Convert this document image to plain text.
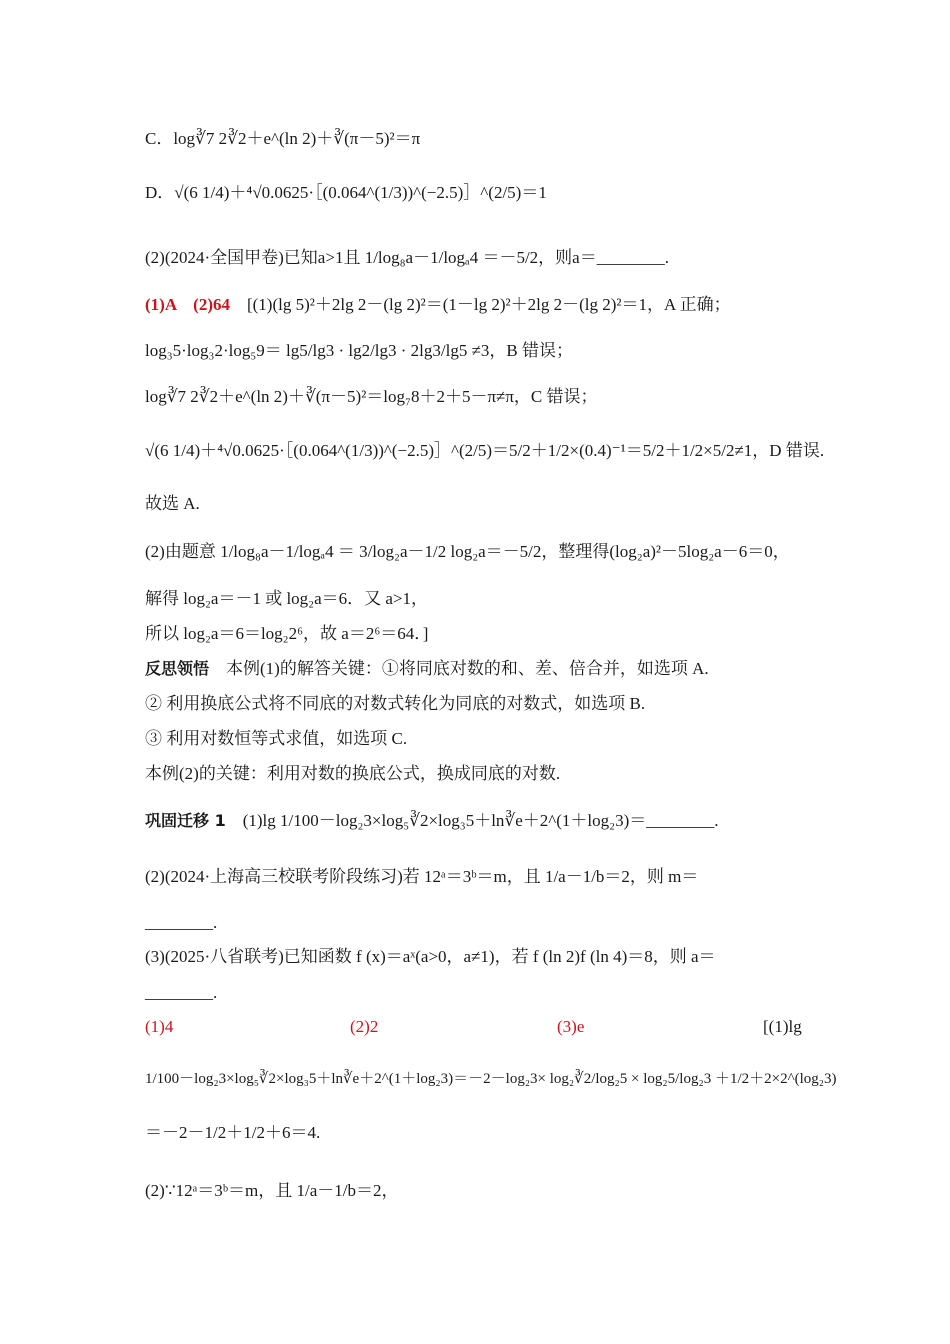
C．log∛7 2∛2＋e^(ln 2)＋∛(π－5)²＝π
D．√(6 1/4)＋⁴√0.0625·［(0.064^(1/3))^(−2.5)］^(2/5)＝1
(2)(2024·全国甲卷)已知a>1且 1/log₈a－1/logₐ4 ＝－5/2，则a＝________.
(1)A　(2)64　[(1)(lg 5)²＋2lg 2－(lg 2)²＝(1－lg 2)²＋2lg 2－(lg 2)²＝1，A 正确；
log₃5·log₃2·log₅9＝ lg5/lg3 · lg2/lg3 · 2lg3/lg5 ≠3，B 错误；
log∛7 2∛2＋e^(ln 2)＋∛(π－5)²＝log₇8＋2＋5－π≠π，C 错误；
√(6 1/4)＋⁴√0.0625·［(0.064^(1/3))^(−2.5)］^(2/5)＝5/2＋1/2×(0.4)⁻¹＝5/2＋1/2×5/2≠1，D 错误.
故选 A.
(2)由题意 1/log₈a－1/logₐ4 ＝ 3/log₂a－1/2 log₂a＝－5/2，整理得(log₂a)²－5log₂a－6＝0，
解得 log₂a＝－1 或 log₂a＝6．又 a>1，
所以 log₂a＝6＝log₂2⁶，故 a＝2⁶＝64．]
反思领悟　本例(1)的解答关键：①将同底对数的和、差、倍合并，如选项 A.
② 利用换底公式将不同底的对数式转化为同底的对数式，如选项 B.
③ 利用对数恒等式求值，如选项 C.
本例(2)的关键：利用对数的换底公式，换成同底的对数.
巩固迁移 1　(1)lg 1/100－log₂3×log₅∛2×log₃5＋ln∛e＋2^(1＋log₂3)＝________.
(2)(2024·上海高三校联考阶段练习)若 12ᵃ＝3ᵇ＝m，且 1/a－1/b＝2，则 m＝
________.
(3)(2025·八省联考)已知函数 f (x)＝aˣ(a>0，a≠1)，若 f (ln 2)f (ln 4)＝8，则 a＝
________.
(1)4	(2)2	(3)e	[(1)lg
1/100－log₂3×log₅∛2×log₃5＋ln∛e＋2^(1＋log₂3)＝－2－log₂3× log₂∛2/log₂5 × log₂5/log₂3 ＋1/2＋2×2^(log₂3)
＝－2－1/2＋1/2＋6＝4.
(2)∵12ᵃ＝3ᵇ＝m，且 1/a－1/b＝2，
